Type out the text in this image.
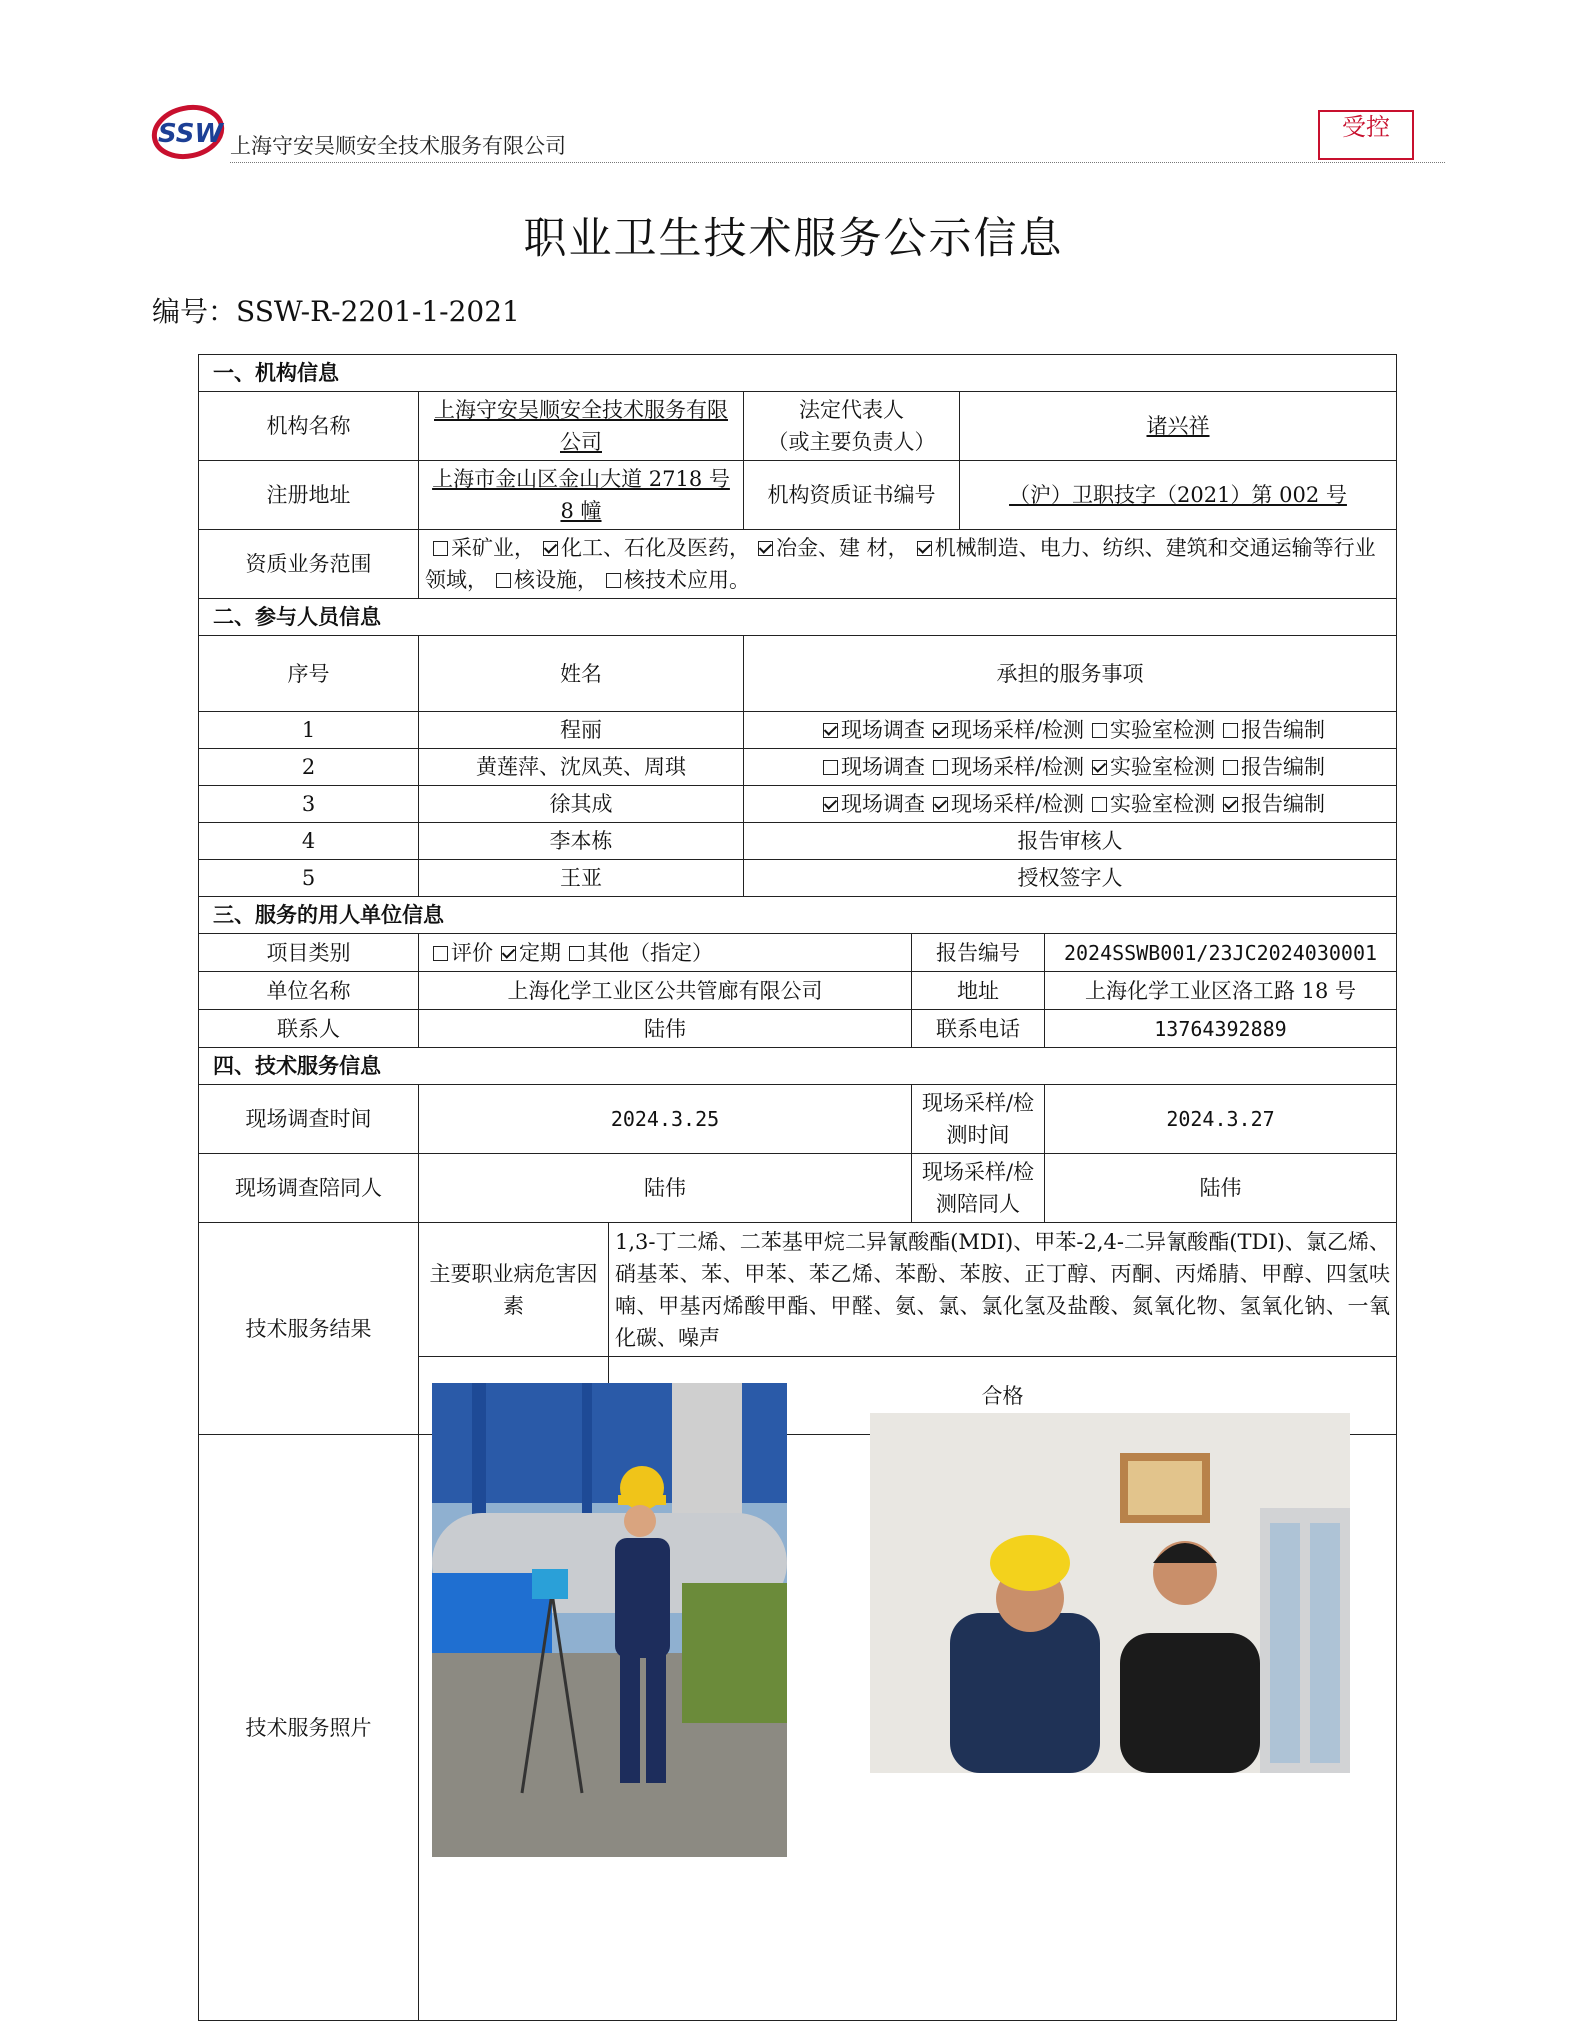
SSW 上海守安吴顺安全技术服务有限公司
受控
职业卫生技术服务公示信息
编号：SSW-R-2201-1-2021
一、机构信息						
机构名称	上海守安吴顺安全技术服务有限公司		法定代表人
（或主要负责人）		诸兴祥	
注册地址	上海市金山区金山大道 2718 号 8 幢		机构资质证书编号		（沪）卫职技字（2021）第 002 号	
资质业务范围	采矿业， 化工、石化及医药， 冶金、建 材， 机械制造、电力、纺织、建筑和交通运输等行业领域， 核设施， 核技术应用。					
二、参与人员信息						
序号	姓名		承担的服务事项			
1	程丽		现场调查 现场采样/检测 实验室检测 报告编制			
2	黄莲萍、沈凤英、周琪		现场调查 现场采样/检测 实验室检测 报告编制			
3	徐其成		现场调查 现场采样/检测 实验室检测 报告编制			
4	李本栋		报告审核人			
5	王亚		授权签字人			
三、服务的用人单位信息						
项目类别	评价 定期 其他（指定）			报告编号		2024SSWB001/23JC2024030001
单位名称	上海化学工业区公共管廊有限公司			地址		上海化学工业区洛工路 18 号
联系人	陆伟			联系电话		13764392889
四、技术服务信息						
现场调查时间	2024.3.25			现场采样/检测时间		2024.3.27
现场调查陪同人	陆伟			现场采样/检测陪同人		陆伟
技术服务结果	主要职业病危害因素	1,3-丁二烯、二苯基甲烷二异氰酸酯(MDI)、甲苯-2,4-二异氰酸酯(TDI)、氯乙烯、硝基苯、苯、甲苯、苯乙烯、苯酚、苯胺、正丁醇、丙酮、丙烯腈、甲醇、四氢呋喃、甲基丙烯酸甲酯、甲醛、氨、氯、氯化氢及盐酸、氮氧化物、氢氧化钠、一氧化碳、噪声				
	合格				
技术服务照片						
